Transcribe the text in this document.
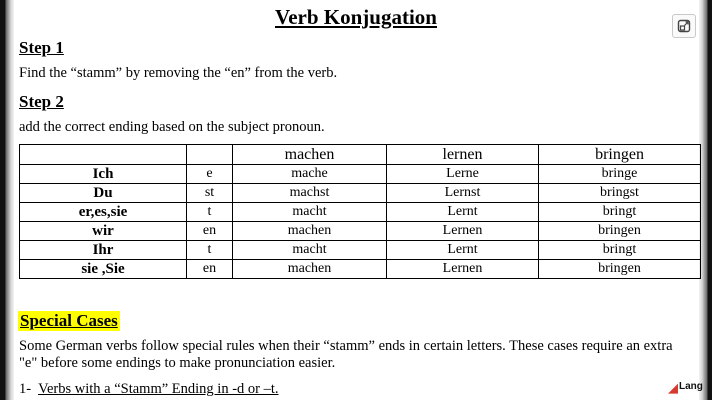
Verb Konjugation
Step 1

Find the “stamm” by removing the “en” from the verb.

Step 2

add the correct ending based on the subject pronoun.

		machen	lernen	bringen
Ich	e	mache	Lerne	bringe
Du	st	machst	Lernst	bringst
er,es,sie	t	macht	Lernt	bringt
wir	en	machen	Lernen	bringen
Ihr	t	macht	Lernt	bringt
sie ,Sie	en	machen	Lernen	bringen
Special Cases

Some German verbs follow special rules when their “stamm” ends in certain letters. These cases require an extra "e" before some endings to make pronunciation easier.

1- Verbs with a “Stamm” Ending in -d or –t.	◢ Lang
